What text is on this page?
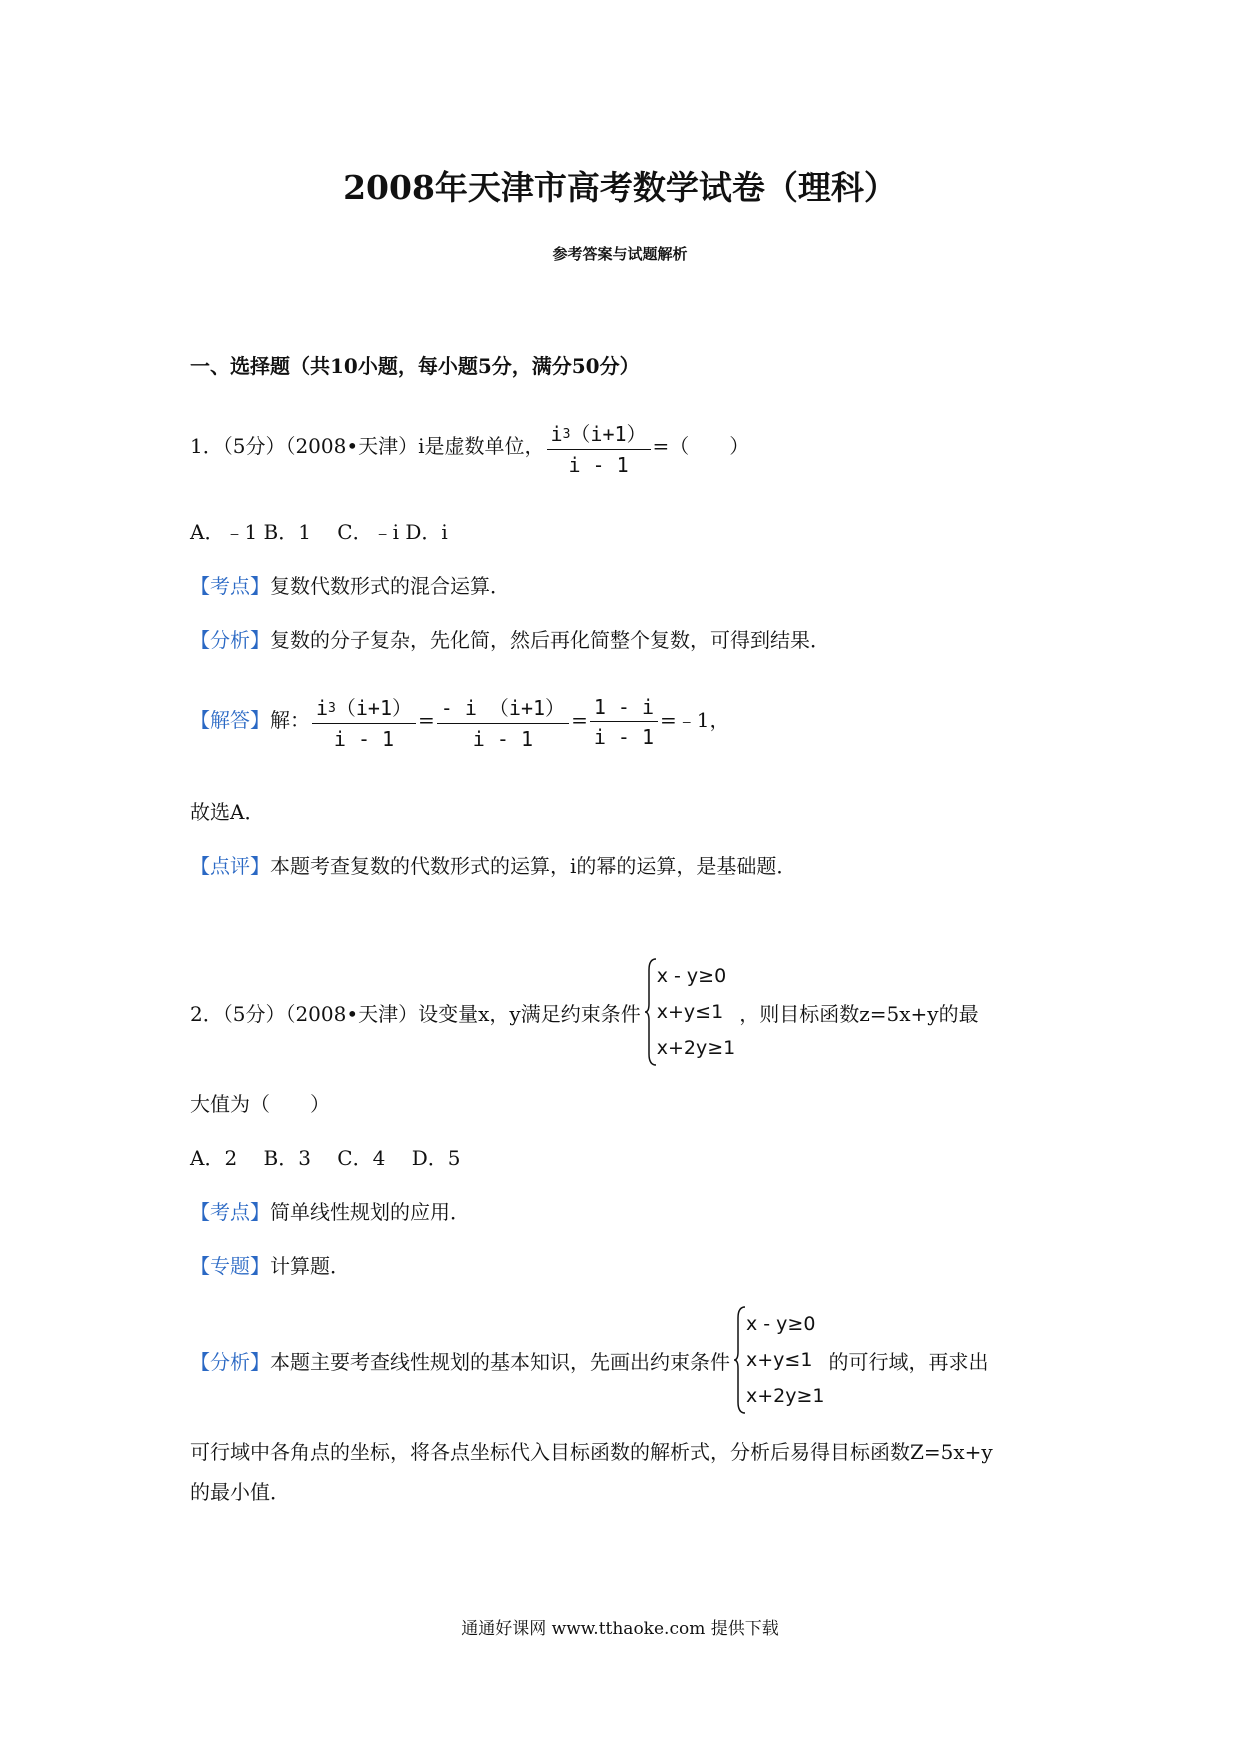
2008年天津市高考数学试卷（理科）
参考答案与试题解析
一、选择题（共10小题，每小题5分，满分50分）
1．（5分）（2008•天津）i是虚数单位， $\frac{i^3(i+1)}{i - 1}$ =（　　）
A．﹣1 B．1　 C．﹣i D．i
【考点】复数代数形式的混合运算．
【分析】复数的分子复杂，先化简，然后再化简整个复数，可得到结果．
【解答】解： $\frac{i^3(i+1)}{i - 1} = \frac{- i (i+1)}{i - 1} = \frac{1 - i}{i - 1}$ =﹣1，
故选A．
【点评】本题考查复数的代数形式的运算，i的幂的运算，是基础题．
2．（5分）（2008•天津）设变量x，y满足约束条件
x - y≥0
x+y≤1
x+2y≥1
，则目标函数z=5x+y的最
大值为（　　）
A．2　 B．3　 C．4　 D．5
【考点】简单线性规划的应用．
【专题】计算题．
【分析】 本题主要考查线性规划的基本知识，先画出约束条件
x - y≥0
x+y≤1
x+2y≥1
的可行域，再求出
可行域中各角点的坐标，将各点坐标代入目标函数的解析式，分析后易得目标函数Z=5x+y
的最小值．
通通好课网 www.tthaoke.com 提供下载
